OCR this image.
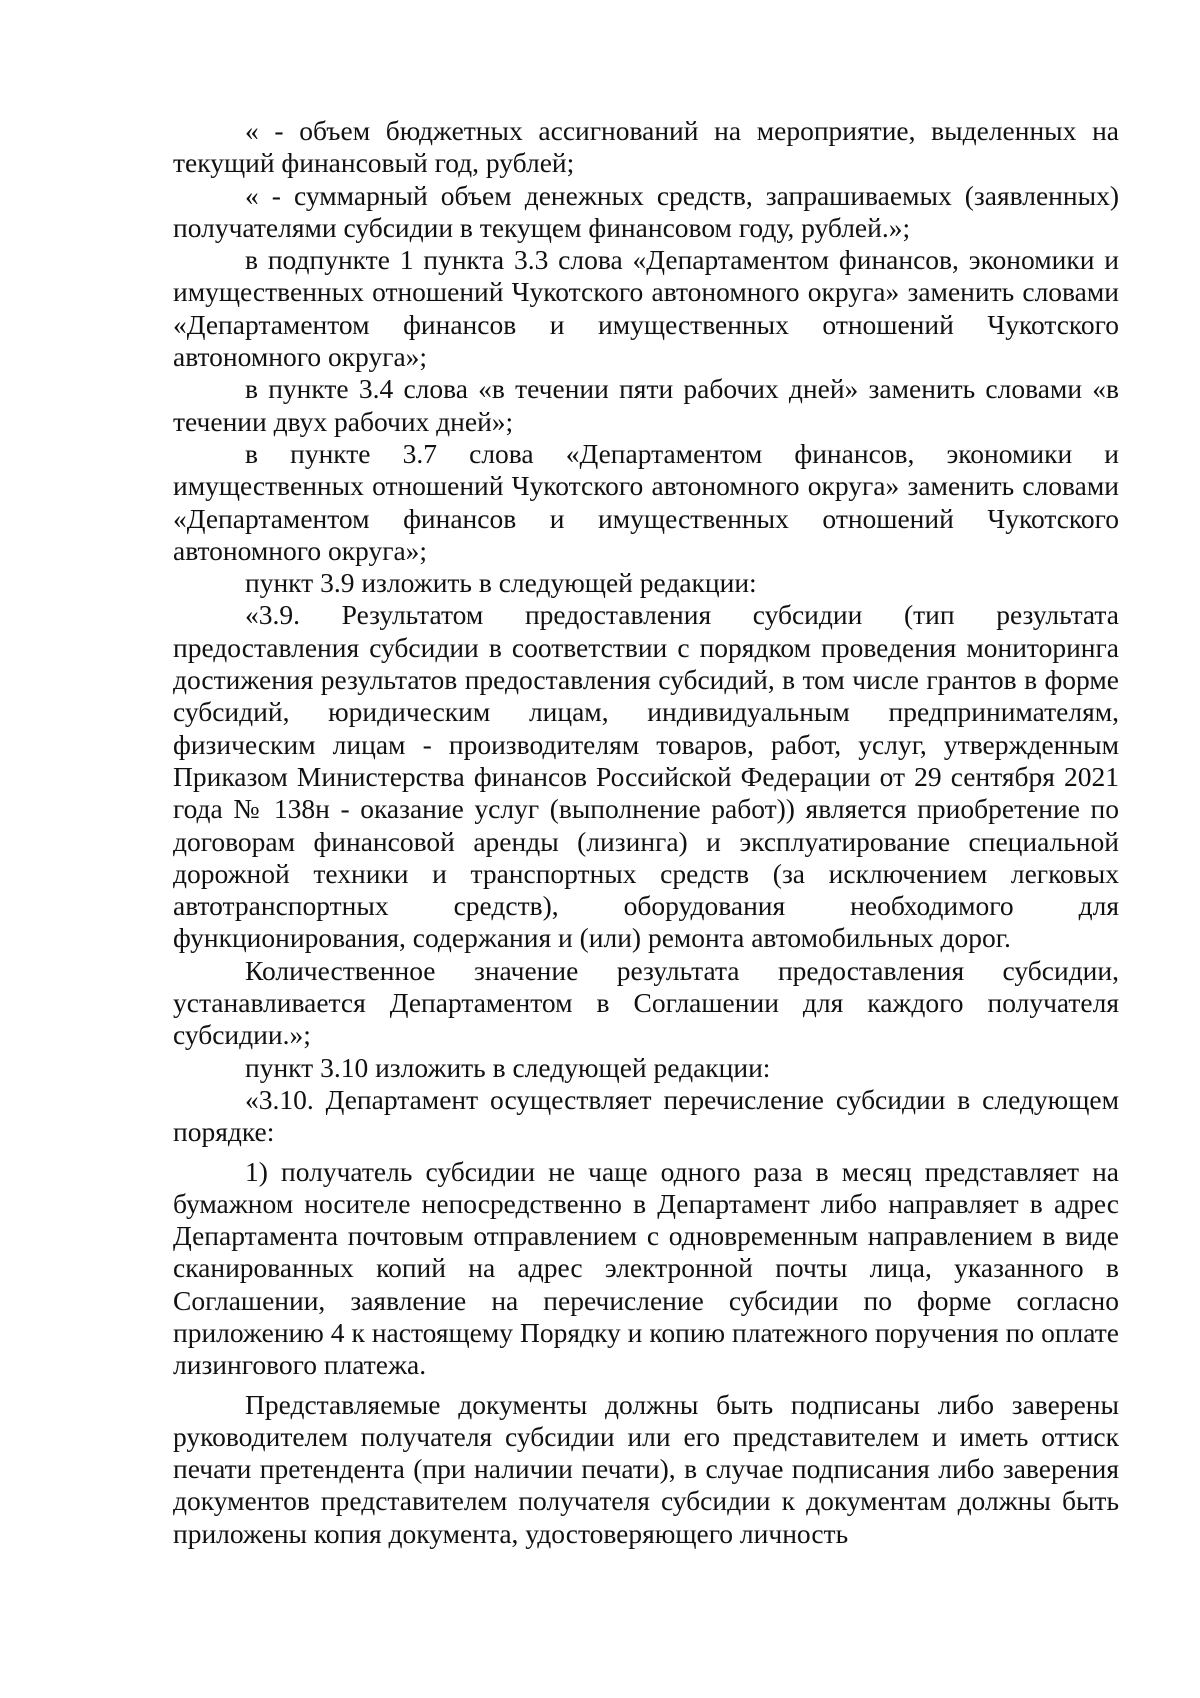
« - объем бюджетных ассигнований на мероприятие, выделенных на текущий финансовый год, рублей;

« - суммарный объем денежных средств, запрашиваемых (заявленных) получателями субсидии в текущем финансовом году, рублей.»;

в подпункте 1 пункта 3.3 слова «Департаментом финансов, экономики и имущественных отношений Чукотского автономного округа» заменить словами «Департаментом финансов и имущественных отношений Чукотского автономного округа»;

в пункте 3.4 слова «в течении пяти рабочих дней» заменить словами «в течении двух рабочих дней»;

в пункте 3.7 слова «Департаментом финансов, экономики и имущественных отношений Чукотского автономного округа» заменить словами «Департаментом финансов и имущественных отношений Чукотского автономного округа»;

пункт 3.9 изложить в следующей редакции:

«3.9. Результатом предоставления субсидии (тип результата предоставления субсидии в соответствии с порядком проведения мониторинга достижения результатов предоставления субсидий, в том числе грантов в форме субсидий, юридическим лицам, индивидуальным предпринимателям, физическим лицам - производителям товаров, работ, услуг, утвержденным Приказом Министерства финансов Российской Федерации от 29 сентября 2021 года № 138н - оказание услуг (выполнение работ)) является приобретение по договорам финансовой аренды (лизинга) и эксплуатирование специальной дорожной техники и транспортных средств (за исключением легковых автотранспортных средств), оборудования необходимого для функционирования, содержания и (или) ремонта автомобильных дорог.

Количественное значение результата предоставления субсидии, устанавливается Департаментом в Соглашении для каждого получателя субсидии.»;

пункт 3.10 изложить в следующей редакции:

«3.10. Департамент осуществляет перечисление субсидии в следующем порядке:

1) получатель субсидии не чаще одного раза в месяц представляет на бумажном носителе непосредственно в Департамент либо направляет в адрес Департамента почтовым отправлением с одновременным направлением в виде сканированных копий на адрес электронной почты лица, указанного в Соглашении, заявление на перечисление субсидии по форме согласно приложению 4 к настоящему Порядку и копию платежного поручения по оплате лизингового платежа.

Представляемые документы должны быть подписаны либо заверены руководителем получателя субсидии или его представителем и иметь оттиск печати претендента (при наличии печати), в случае подписания либо заверения документов представителем получателя субсидии к документам должны быть приложены копия документа, удостоверяющего личность
